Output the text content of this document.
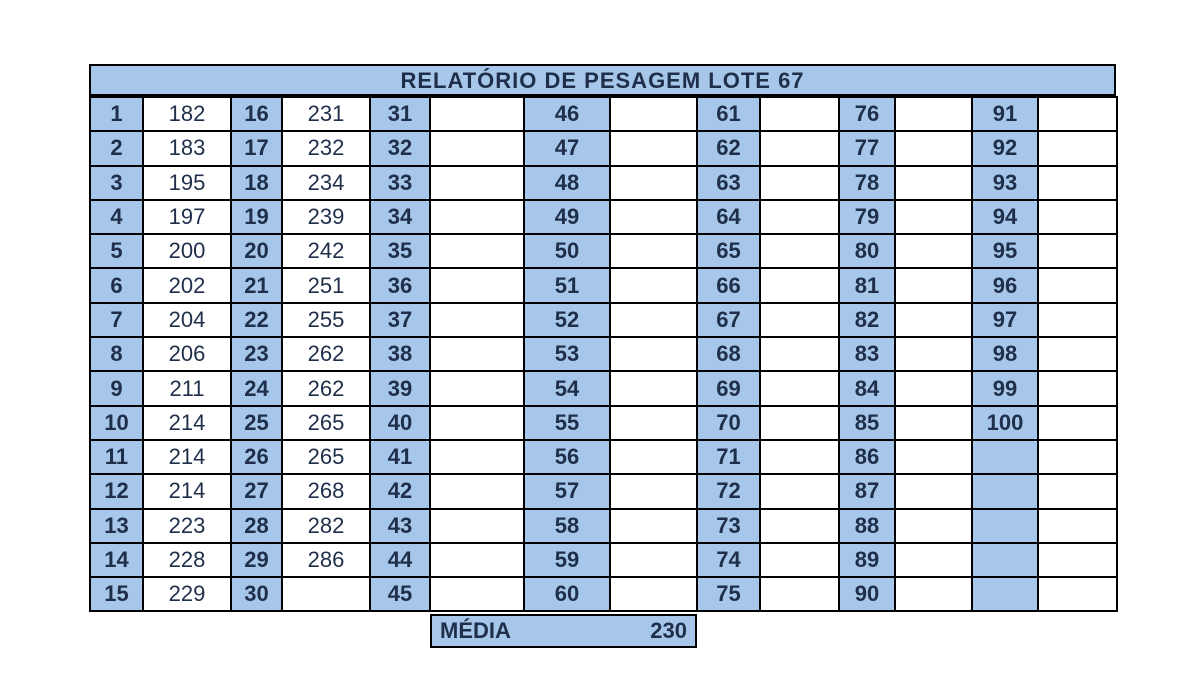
RELATÓRIO DE PESAGEM LOTE 67
1	182	16	231	31		46		61		76		91	
2	183	17	232	32		47		62		77		92	
3	195	18	234	33		48		63		78		93	
4	197	19	239	34		49		64		79		94	
5	200	20	242	35		50		65		80		95	
6	202	21	251	36		51		66		81		96	
7	204	22	255	37		52		67		82		97	
8	206	23	262	38		53		68		83		98	
9	211	24	262	39		54		69		84		99	
10	214	25	265	40		55		70		85		100	
11	214	26	265	41		56		71		86			
12	214	27	268	42		57		72		87			
13	223	28	282	43		58		73		88			
14	228	29	286	44		59		74		89			
15	229	30		45		60		75		90			
MÉDIA	230
